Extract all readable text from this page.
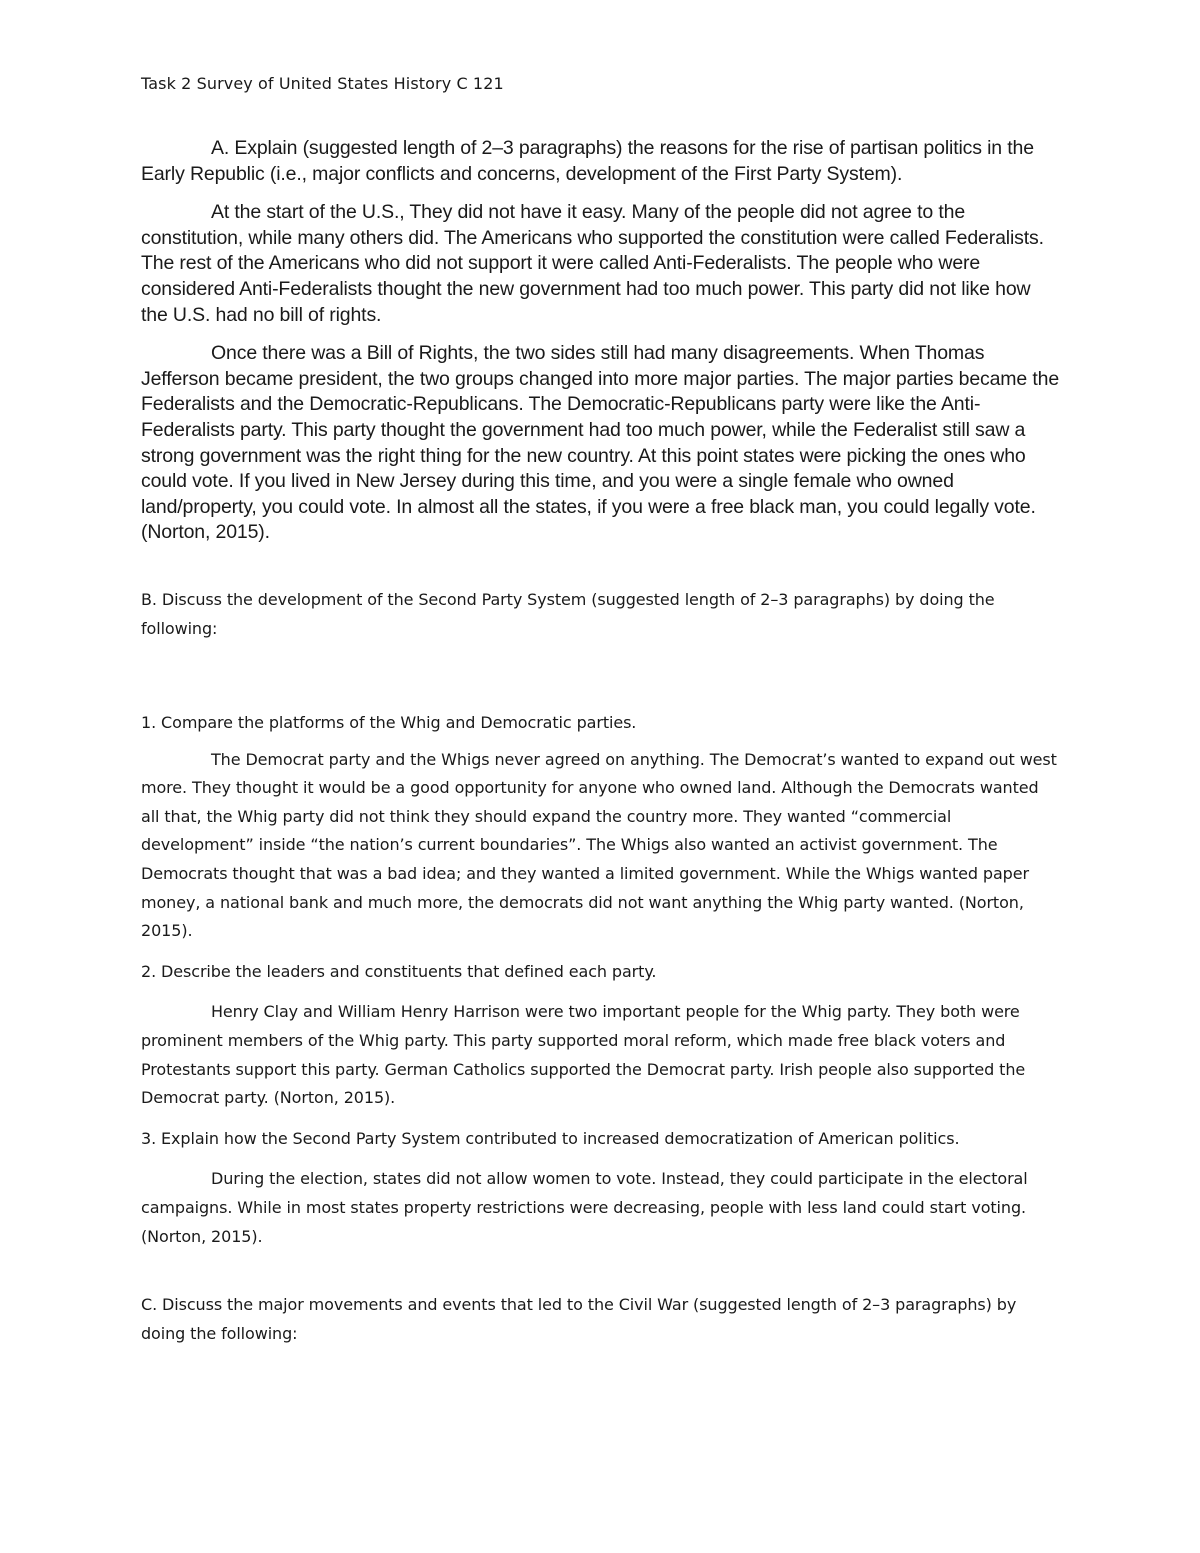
Task 2 Survey of United States History C 121

A. Explain (suggested length of 2–3 paragraphs) the reasons for the rise of partisan politics in the Early Republic (i.e., major conflicts and concerns, development of the First Party System).

At the start of the U.S., They did not have it easy. Many of the people did not agree to the constitution, while many others did. The Americans who supported the constitution were called Federalists. The rest of the Americans who did not support it were called Anti-Federalists. The people who were considered Anti-Federalists thought the new government had too much power. This party did not like how the U.S. had no bill of rights.

Once there was a Bill of Rights, the two sides still had many disagreements. When Thomas Jefferson became president, the two groups changed into more major parties. The major parties became the Federalists and the Democratic-Republicans. The Democratic-Republicans party were like the Anti-Federalists party. This party thought the government had too much power, while the Federalist still saw a strong government was the right thing for the new country. At this point states were picking the ones who could vote. If you lived in New Jersey during this time, and you were a single female who owned land/property, you could vote. In almost all the states, if you were a free black man, you could legally vote. (Norton, 2015).

B. Discuss the development of the Second Party System (suggested length of 2–3 paragraphs) by doing the following:

1. Compare the platforms of the Whig and Democratic parties.

The Democrat party and the Whigs never agreed on anything. The Democrat’s wanted to expand out west more. They thought it would be a good opportunity for anyone who owned land. Although the Democrats wanted all that, the Whig party did not think they should expand the country more. They wanted “commercial development” inside “the nation’s current boundaries”. The Whigs also wanted an activist government. The Democrats thought that was a bad idea; and they wanted a limited government. While the Whigs wanted paper money, a national bank and much more, the democrats did not want anything the Whig party wanted. (Norton, 2015).

2. Describe the leaders and constituents that defined each party.

Henry Clay and William Henry Harrison were two important people for the Whig party. They both were prominent members of the Whig party. This party supported moral reform, which made free black voters and Protestants support this party. German Catholics supported the Democrat party. Irish people also supported the Democrat party. (Norton, 2015).

3. Explain how the Second Party System contributed to increased democratization of American politics.

During the election, states did not allow women to vote. Instead, they could participate in the electoral campaigns. While in most states property restrictions were decreasing, people with less land could start voting. (Norton, 2015).

C. Discuss the major movements and events that led to the Civil War (suggested length of 2–3 paragraphs) by doing the following:
